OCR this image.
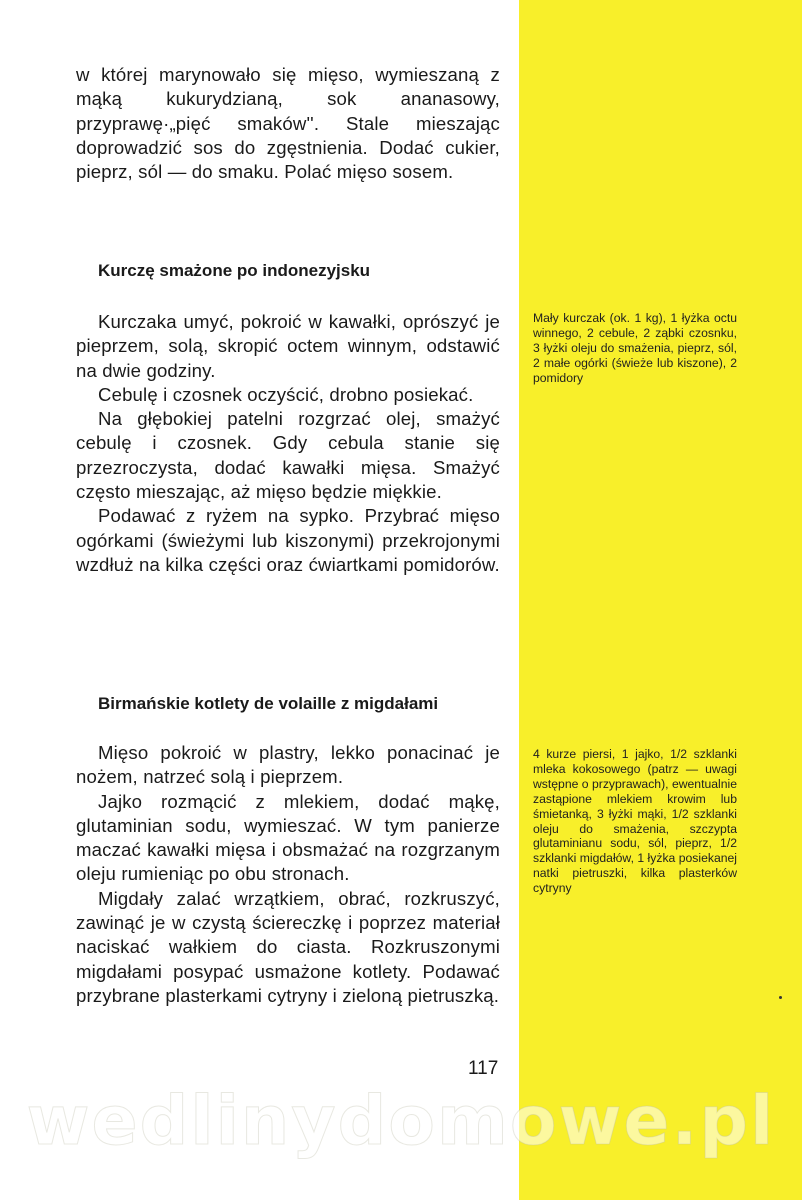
w której marynowało się mięso, wymieszaną z mąką kukurydzianą, sok ananasowy, przyprawę·„pięć smaków''. Stale mieszając doprowadzić sos do zgęstnienia. Dodać cukier, pieprz, sól — do smaku. Polać mięso sosem.

Kurczę smażone po indonezyjsku

Kurczaka umyć, pokroić w kawałki, oprószyć je pieprzem, solą, skropić octem winnym, odstawić na dwie godziny.

Cebulę i czosnek oczyścić, drobno posiekać.

Na głębokiej patelni rozgrzać olej, smażyć cebulę i czosnek. Gdy cebula stanie się przezroczysta, dodać kawałki mięsa. Smażyć często mieszając, aż mięso będzie miękkie.

Podawać z ryżem na sypko. Przybrać mięso ogórkami (świeżymi lub kiszonymi) przekrojonymi wzdłuż na kilka części oraz ćwiartkami pomidorów.

Mały kurczak (ok. 1 kg), 1 łyżka octu winnego, 2 cebule, 2 ząbki czosnku, 3 łyżki oleju do smażenia, pieprz, sól, 2 małe ogórki (świeże lub kiszone), 2 pomidory

Birmańskie kotlety de volaille z migdałami

Mięso pokroić w plastry, lekko ponacinać je nożem, natrzeć solą i pieprzem.

Jajko rozmącić z mlekiem, dodać mąkę, glutaminian sodu, wymieszać. W tym panierze maczać kawałki mięsa i obsmażać na rozgrzanym oleju rumieniąc po obu stronach.

Migdały zalać wrzątkiem, obrać, rozkruszyć, zawinąć je w czystą ściereczkę i poprzez materiał naciskać wałkiem do ciasta. Rozkruszonymi migdałami posypać usmażone kotlety. Podawać przybrane plasterkami cytryny i zieloną pietruszką.

4 kurze piersi, 1 jajko, 1/2 szklanki mleka kokosowego (patrz — uwagi wstępne o przyprawach), ewentualnie zastąpione mlekiem krowim lub śmietanką, 3 łyżki mąki, 1/2 szklanki oleju do smażenia, szczypta glutaminianu sodu, sól, pieprz, 1/2 szklanki migdałów, 1 łyżka posiekanej natki pietruszki, kilka plasterków cytryny

117

wedlinydomowe.pl
